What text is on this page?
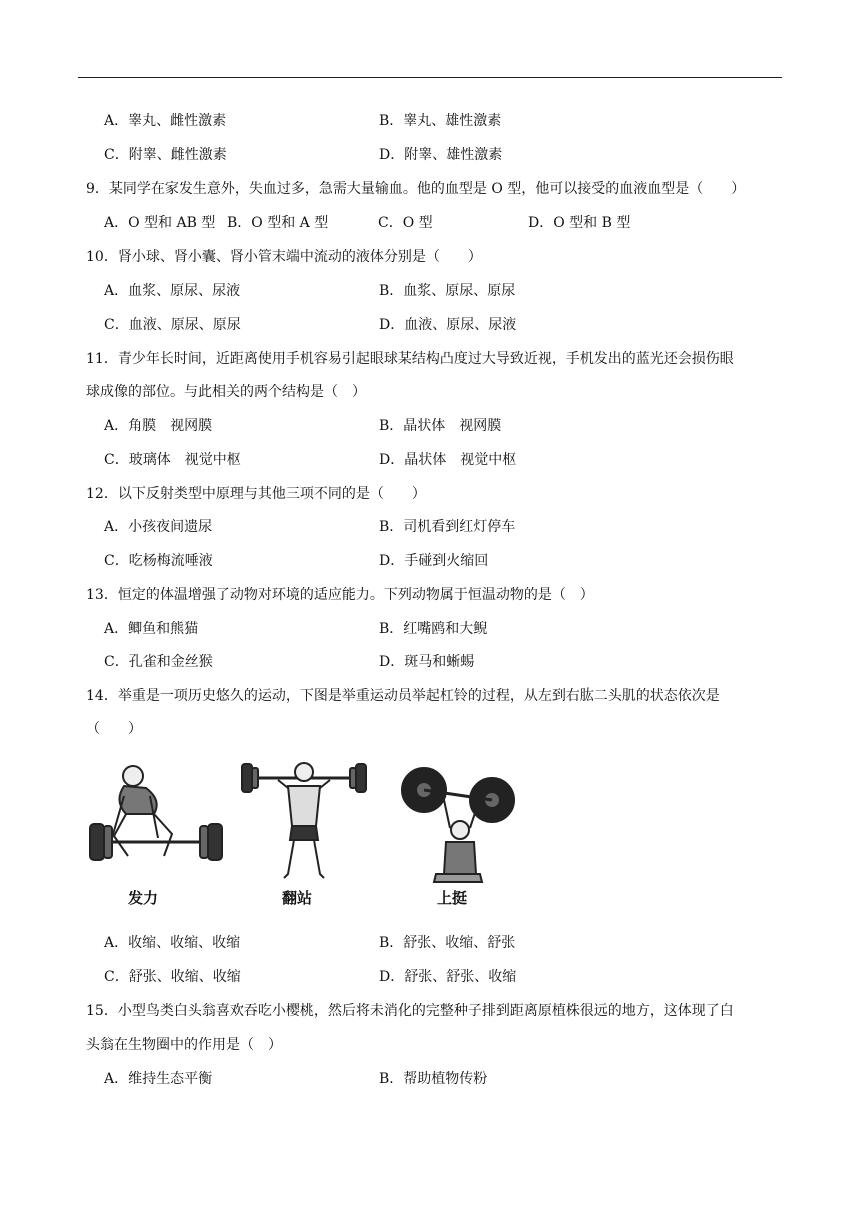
A．睾丸、雌性激素	B．睾丸、雄性激素
C．附睾、雌性激素	D．附睾、雄性激素
9．某同学在家发生意外，失血过多，急需大量输血。他的血型是 O 型，他可以接受的血液血型是（　　）
A．O 型和 AB 型 B．O 型和 A 型	C．O 型	D．O 型和 B 型
10．肾小球、肾小囊、肾小管末端中流动的液体分别是（　　）
A．血浆、原尿、尿液	B．血浆、原尿、原尿
C．血液、原尿、原尿	D．血液、原尿、尿液
11．青少年长时间，近距离使用手机容易引起眼球某结构凸度过大导致近视，手机发出的蓝光还会损伤眼
球成像的部位。与此相关的两个结构是（　）
A．角膜　视网膜	B．晶状体　视网膜
C．玻璃体　视觉中枢	D．晶状体　视觉中枢
12．以下反射类型中原理与其他三项不同的是（　　）
A．小孩夜间遗尿	B．司机看到红灯停车
C．吃杨梅流唾液	D．手碰到火缩回
13．恒定的体温增强了动物对环境的适应能力。下列动物属于恒温动物的是（　）
A．鲫鱼和熊猫	B．红嘴鸥和大鲵
C．孔雀和金丝猴	D．斑马和蜥蜴
14．举重是一项历史悠久的运动，下图是举重运动员举起杠铃的过程，从左到右肱二头肌的状态依次是
（　　）
发力	翻站	上挺
A．收缩、收缩、收缩	B．舒张、收缩、舒张
C．舒张、收缩、收缩	D．舒张、舒张、收缩
15．小型鸟类白头翁喜欢吞吃小樱桃，然后将未消化的完整种子排到距离原植株很远的地方，这体现了白
头翁在生物圈中的作用是（　）
A．维持生态平衡	B．帮助植物传粉
